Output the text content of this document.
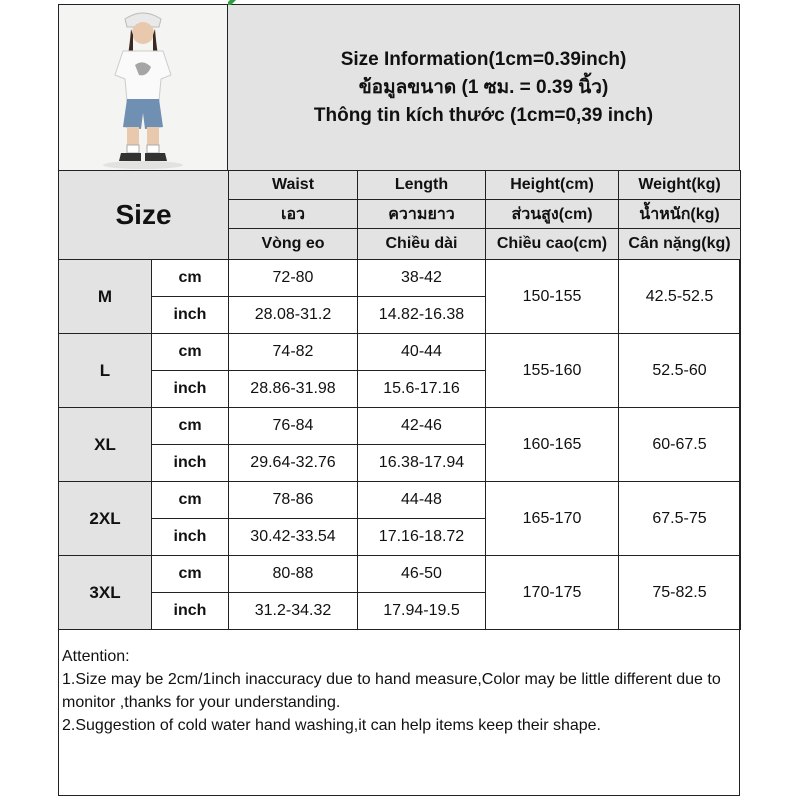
Size Information(1cm=0.39inch)
ข้อมูลขนาด (1 ซม. = 0.39 นิ้ว)
Thông tin kích thước (1cm=0,39 inch)
Size		Waist	Length	Height(cm)	Weight(kg)
		เอว	ความยาว	ส่วนสูง(cm)	น้ำหนัก(kg)
		Vòng eo	Chiều dài	Chiều cao(cm)	Cân nặng(kg)
M	cm	72-80	38-42	150-155	42.5-52.5
	inch	28.08-31.2	14.82-16.38		
L	cm	74-82	40-44	155-160	52.5-60
	inch	28.86-31.98	15.6-17.16		
XL	cm	76-84	42-46	160-165	60-67.5
	inch	29.64-32.76	16.38-17.94		
2XL	cm	78-86	44-48	165-170	67.5-75
	inch	30.42-33.54	17.16-18.72		
3XL	cm	80-88	46-50	170-175	75-82.5
	inch	31.2-34.32	17.94-19.5		
Attention:
1.Size may be 2cm/1inch inaccuracy due to hand measure,Color may be little different due to monitor ,thanks for your understanding.
2.Suggestion of cold water hand washing,it can help items keep their shape.
